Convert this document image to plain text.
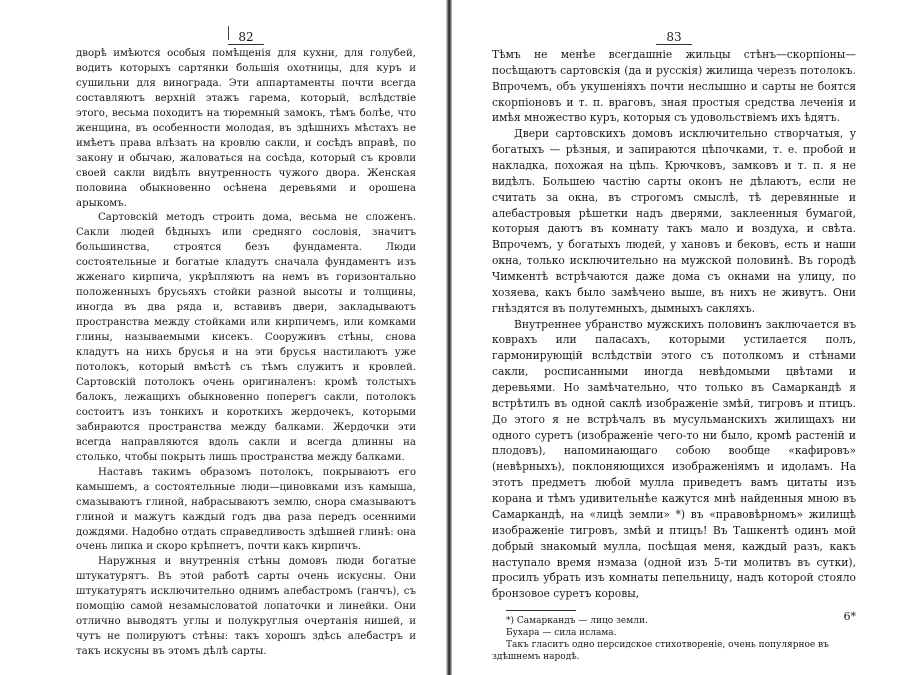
82

дворѣ имѣются особыя помѣщенія для кухни, для голубей, водить которыхъ сартянки большія охотницы, для куръ и сушильни для винограда. Эти аппартаменты почти всегда составляютъ верхній этажъ гарема, который, вслѣдствіе этого, весьма походитъ на тюремный замокъ, тѣмъ болѣе, что женщина, въ особенности молодая, въ здѣшнихъ мѣстахъ не имѣетъ права влѣзать на кровлю сакли, и сосѣдъ вправѣ, по закону и обычаю, жаловаться на сосѣда, который съ кровли своей сакли видѣлъ внутренность чужого двора. Женская половина обыкновенно осѣнена деревьями и орошена арыкомъ.

Сартовскій методъ строить дома, весьма не сложенъ. Сакли людей бѣдныхъ или средняго сословія, значитъ большинства, строятся безъ фундамента. Люди состоятельные и богатые кладутъ сначала фундаментъ изъ жженаго кирпича, укрѣпляютъ на немъ въ горизонтально положенныхъ брусьяхъ стойки разной высоты и толщины, иногда въ два ряда и, вставивъ двери, закладываютъ пространства между стойками или кирпичемъ, или комками глины, называемыми кисекъ. Сооруживъ стѣны, снова кладутъ на нихъ брусья и на эти брусья настилаютъ уже потолокъ, который вмѣстѣ съ тѣмъ служитъ и кровлей. Сартовскій потолокъ очень оригиналенъ: кромѣ толстыхъ балокъ, лежащихъ обыкновенно поперегъ сакли, потолокъ состоитъ изъ тонкихъ и короткихъ жердочекъ, которыми забираются пространства между балками. Жердочки эти всегда направляются вдоль сакли и всегда длинны на столько, чтобы покрыть лишь пространства между балками.

Наставъ такимъ образомъ потолокъ, покрываютъ его камышемъ, а состоятельные люди—циновками изъ камыша, смазываютъ глиной, набрасываютъ землю, снора смазываютъ глиной и мажутъ каждый годъ два раза передъ осенними дождями. Надобно отдать справедливость здѣшней глинѣ: она очень липка и скоро крѣпнетъ, почти какъ кирпичъ.

Наружныя и внутреннія стѣны домовъ люди богатые штукатурятъ. Въ этой работѣ сарты очень искусны. Они штукатурятъ исключительно однимъ алебастромъ (ганчъ), съ помощію самой незамысловатой лопаточки и линейки. Они отлично выводятъ углы и полукруглыя очертанія нишей, и чутъ не полируютъ стѣны: такъ хорошъ здѣсь алебастръ и такъ искусны въ этомъ дѣлѣ сарты.

83

Тѣмъ не менѣе всегдашніе жильцы стѣнъ—скорпіоны—посѣщаютъ сартовскія (да и русскія) жилища черезъ потолокъ. Впрочемъ, объ укушеніяхъ почти неслышно и сарты не боятся скорпіоновъ и т. п. враговъ, зная простыя средства леченія и имѣя множество куръ, которыя съ удовольствіемъ ихъ ѣдятъ.

Двери сартовскихъ домовъ исключительно створчатыя, у богатыхъ — рѣзныя, и запираются цѣпочками, т. е. пробой и накладка, похожая на цѣпь. Крючковъ, замковъ и т. п. я не видѣлъ. Большею частію сарты оконъ не дѣлаютъ, если не считать за окна, въ строгомъ смыслѣ, тѣ деревянные и алебастровыя рѣшетки надъ дверями, заклеенныя бумагой, которыя даютъ въ комнату такъ мало и воздуха, и свѣта. Впрочемъ, у богатыхъ людей, у хановъ и бековъ, есть и наши окна, только исключительно на мужской половинѣ. Въ городѣ Чимкентѣ встрѣчаются даже дома съ окнами на улицу, по хозяева, какъ было замѣчено выше, въ нихъ не живутъ. Они гнѣздятся въ полутемныхъ, дымныхъ сакляхъ.

Внутреннее убранство мужскихъ половинъ заключается въ коврахъ или паласахъ, которыми устилается полъ, гармонирующій вслѣдствіи этого съ потолкомъ и стѣнами сакли, росписанными иногда невѣдомыми цвѣтами и деревьями. Но замѣчательно, что только въ Самаркандѣ я встрѣтилъ въ одной саклѣ изображеніе змѣй, тигровъ и птицъ. До этого я не встрѣчалъ въ мусульманскихъ жилищахъ ни одного суретъ (изображеніе чего-то ни было, кромѣ растеній и плодовъ), напоминающаго собою вообще «кафировъ» (невѣрныхъ), поклоняющихся изображеніямъ и идоламъ. На этотъ предметъ любой мулла приведетъ вамъ цитаты изъ корана и тѣмъ удивительнѣе кажутся мнѣ найденныя мною въ Самаркандѣ, на «лицѣ земли» *) въ «правовѣрномъ» жилищѣ изображеніе тигровъ, змѣй и птицъ! Въ Ташкентѣ одинъ мой добрый знакомый мулла, посѣщая меня, каждый разъ, какъ наступало время нэмаза (одной изъ 5-ти молитвъ въ сутки), просилъ убрать изъ комнаты пепельницу, надъ которой стояло бронзовое суретъ коровы,

*) Самаркандъ — лицо земли.

Бухара — сила ислама.

Такъ гласитъ одно персидское стихотвореніе, очень популярное въ здѣшнемъ народѣ.

6*
